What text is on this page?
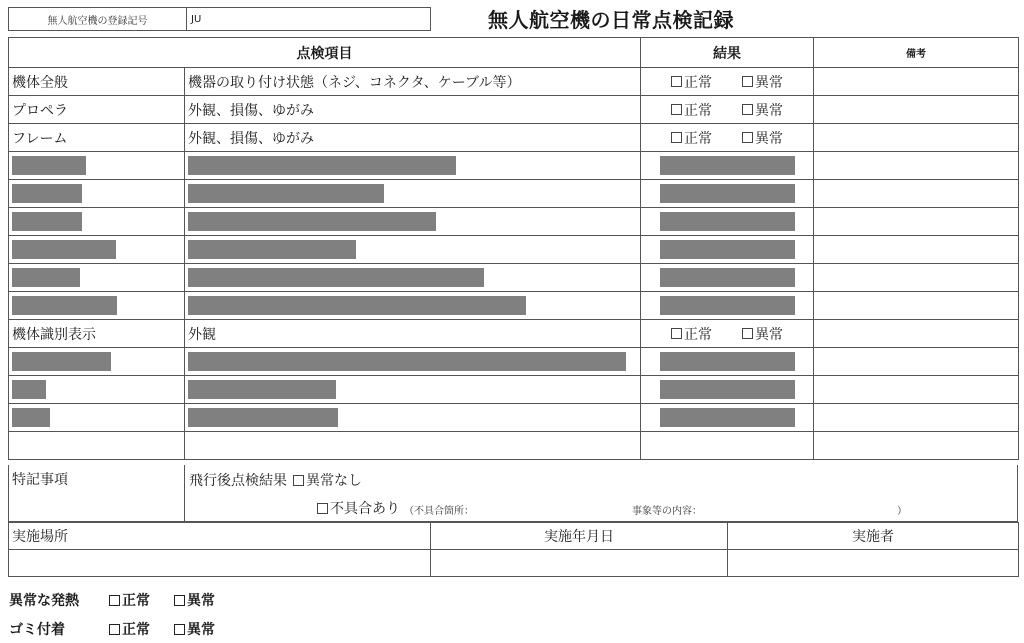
無人航空機の登録記号	JU	無人航空機の日常点検記録
点検項目		結果	備考
機体全般	機器の取り付け状態（ネジ、コネクタ、ケーブル等）	正常 異常	

プロペラ	外観、損傷、ゆがみ	正常 異常	

フレーム	外観、損傷、ゆがみ	正常 異常	

機体識別表示	外観	正常 異常	

特記事項	飛行後点検結果 異常なし
不具合あり （不具合箇所：	事象等の内容：	）
実施場所	実施年月日	実施者

異常な発熱	正常	異常
ゴミ付着	正常	異常
